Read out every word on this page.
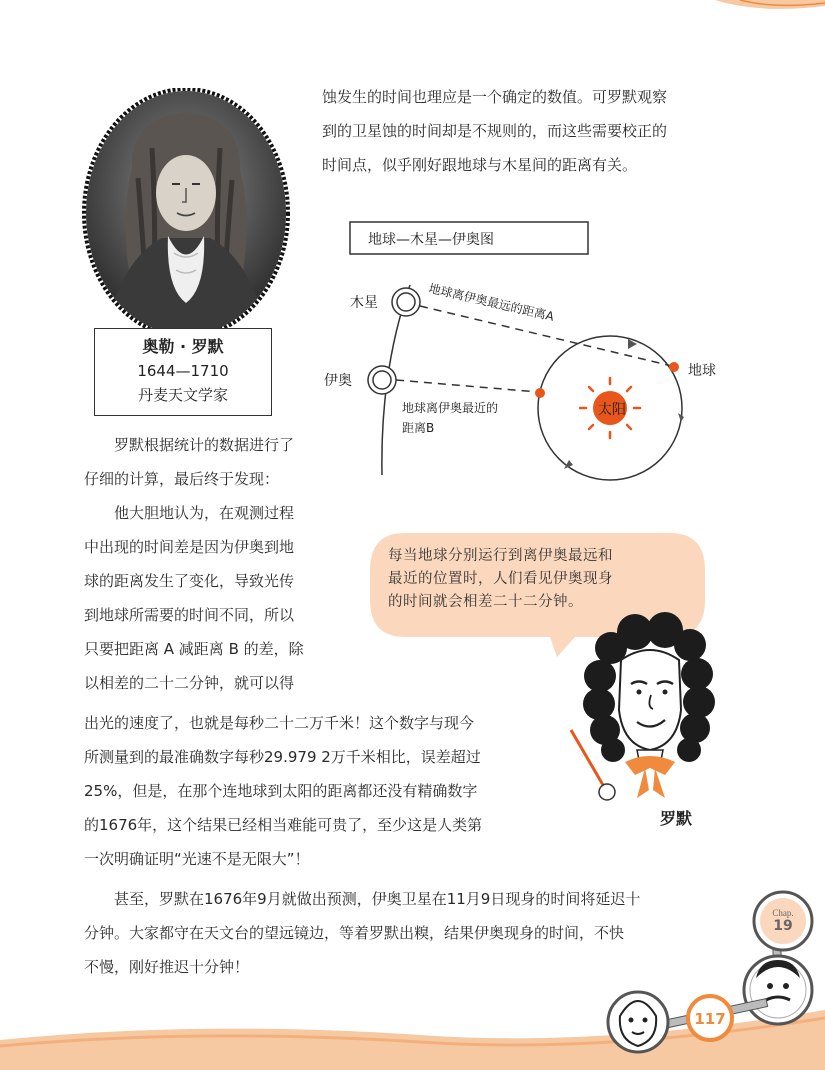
蚀发生的时间也理应是一个确定的数值。可罗默观察

到的卫星蚀的时间却是不规则的，而这些需要校正的

时间点，似乎刚好跟地球与木星间的距离有关。

奥勒 · 罗默
1644—1710
丹麦天文学家
地球—木星—伊奥图
木星
伊奥
地球
地球离伊奥最远的距离A
地球离伊奥最近的
距离B
太阳

罗默根据统计的数据进行了

仔细的计算，最后终于发现：

他大胆地认为，在观测过程

中出现的时间差是因为伊奥到地

球的距离发生了变化，导致光传

到地球所需要的时间不同，所以

只要把距离 A 减距离 B 的差，除

以相差的二十二分钟，就可以得

每当地球分别运行到离伊奥最远和
最近的位置时，人们看见伊奥现身
的时间就会相差二十二分钟。
罗默

出光的速度了，也就是每秒二十二万千米！这个数字与现今

所测量到的最准确数字每秒29.979 2万千米相比，误差超过

25%，但是，在那个连地球到太阳的距离都还没有精确数字

的1676年，这个结果已经相当难能可贵了，至少这是人类第

一次明确证明“光速不是无限大”！

甚至，罗默在1676年9月就做出预测，伊奥卫星在11月9日现身的时间将延迟十

分钟。大家都守在天文台的望远镜边，等着罗默出糗，结果伊奥现身的时间，不快

不慢，刚好推迟十分钟！

117
Chap.
19
